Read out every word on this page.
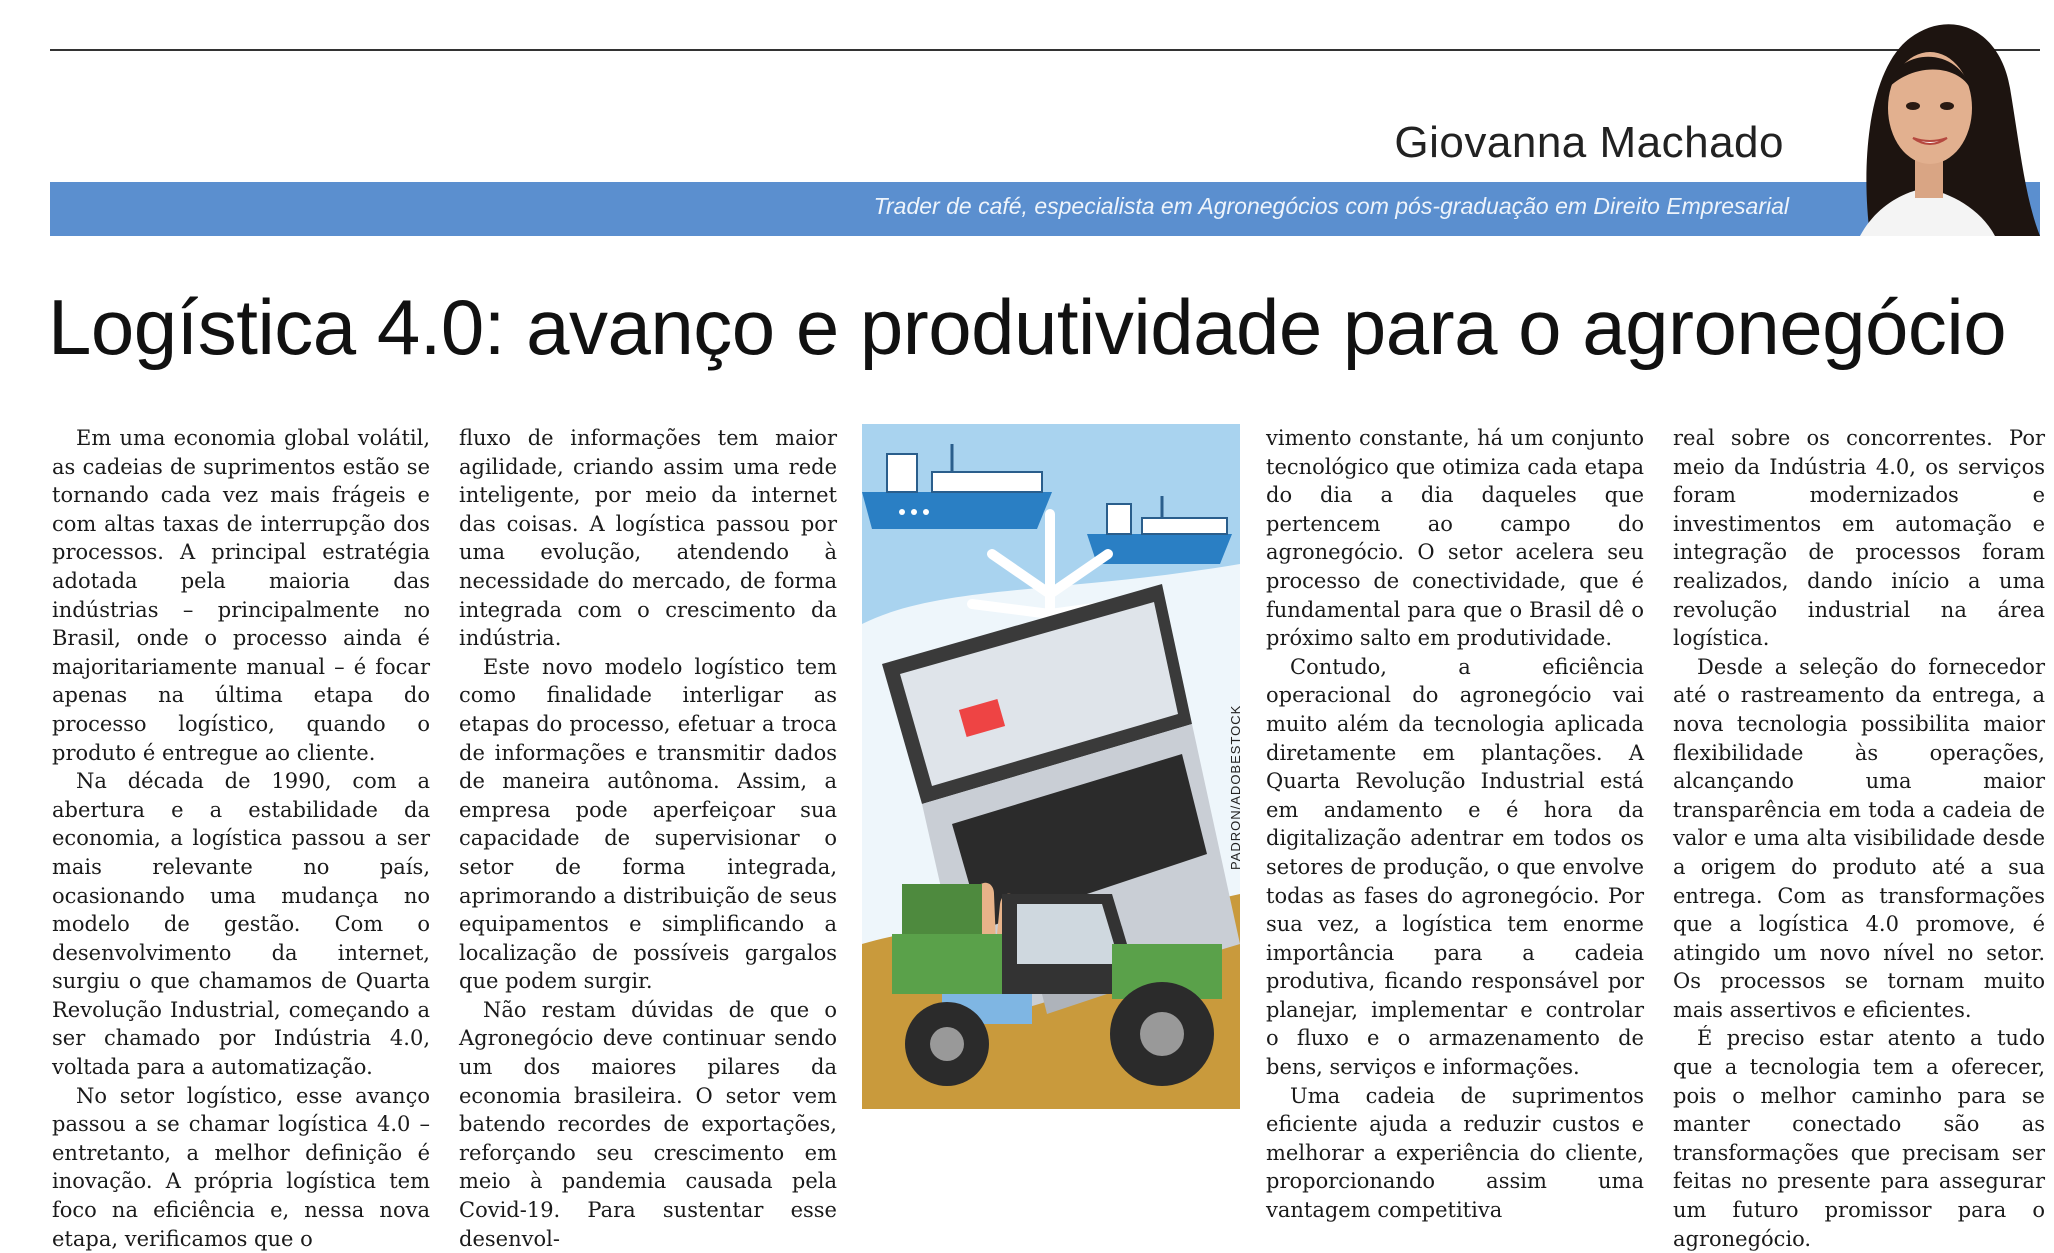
Giovanna Machado
Trader de café, especialista em Agronegócios com pós-graduação em Direito Empresarial
Logística 4.0: avanço e produtividade para o agronegócio

Em uma economia global volátil, as cadeias de suprimentos estão se tornando cada vez mais frágeis e com altas taxas de interrupção dos processos. A principal estratégia adotada pela maioria das indústrias – principalmente no Brasil, onde o processo ainda é majoritariamente manual – é focar apenas na última etapa do processo logístico, quando o produto é entregue ao cliente.

Na década de 1990, com a abertura e a estabilidade da economia, a logística passou a ser mais relevante no país, ocasionando uma mudança no modelo de gestão. Com o desenvolvimento da internet, surgiu o que chamamos de Quarta Revolução Industrial, começando a ser chamado por Indústria 4.0, voltada para a automatização.

No setor logístico, esse avanço passou a se chamar logística 4.0 – entretanto, a melhor definição é inovação. A própria logística tem foco na eficiência e, nessa nova etapa, verificamos que o

fluxo de informações tem maior agilidade, criando assim uma rede inteligente, por meio da internet das coisas. A logística passou por uma evolução, atendendo à necessidade do mercado, de forma integrada com o crescimento da indústria.

Este novo modelo logístico tem como finalidade interligar as etapas do processo, efetuar a troca de informações e transmitir dados de maneira autônoma. Assim, a empresa pode aperfeiçoar sua capacidade de supervisionar o setor de forma integrada, aprimorando a distribuição de seus equipamentos e simplificando a localização de possíveis gargalos que podem surgir.

Não restam dúvidas de que o Agronegócio deve continuar sendo um dos maiores pilares da economia brasileira. O setor vem batendo recordes de exportações, reforçando seu crescimento em meio à pandemia causada pela Covid-19. Para sustentar esse desenvol-

PADRON/ADOBESTOCK

vimento constante, há um conjunto tecnológico que otimiza cada etapa do dia a dia daqueles que pertencem ao campo do agronegócio. O setor acelera seu processo de conectividade, que é fundamental para que o Brasil dê o próximo salto em produtividade.

Contudo, a eficiência operacional do agronegócio vai muito além da tecnologia aplicada diretamente em plantações. A Quarta Revolução Industrial está em andamento e é hora da digitalização adentrar em todos os setores de produção, o que envolve todas as fases do agronegócio. Por sua vez, a logística tem enorme importância para a cadeia produtiva, ficando responsável por planejar, implementar e controlar o fluxo e o armazenamento de bens, serviços e informações.

Uma cadeia de suprimentos eficiente ajuda a reduzir custos e melhorar a experiência do cliente, proporcionando assim uma vantagem competitiva

real sobre os concorrentes. Por meio da Indústria 4.0, os serviços foram modernizados e investimentos em automação e integração de processos foram realizados, dando início a uma revolução industrial na área logística.

Desde a seleção do fornecedor até o rastreamento da entrega, a nova tecnologia possibilita maior flexibilidade às operações, alcançando uma maior transparência em toda a cadeia de valor e uma alta visibilidade desde a origem do produto até a sua entrega. Com as transformações que a logística 4.0 promove, é atingido um novo nível no setor. Os processos se tornam muito mais assertivos e eficientes.

É preciso estar atento a tudo que a tecnologia tem a oferecer, pois o melhor caminho para se manter conectado são as transformações que precisam ser feitas no presente para assegurar um futuro promissor para o agronegócio.
